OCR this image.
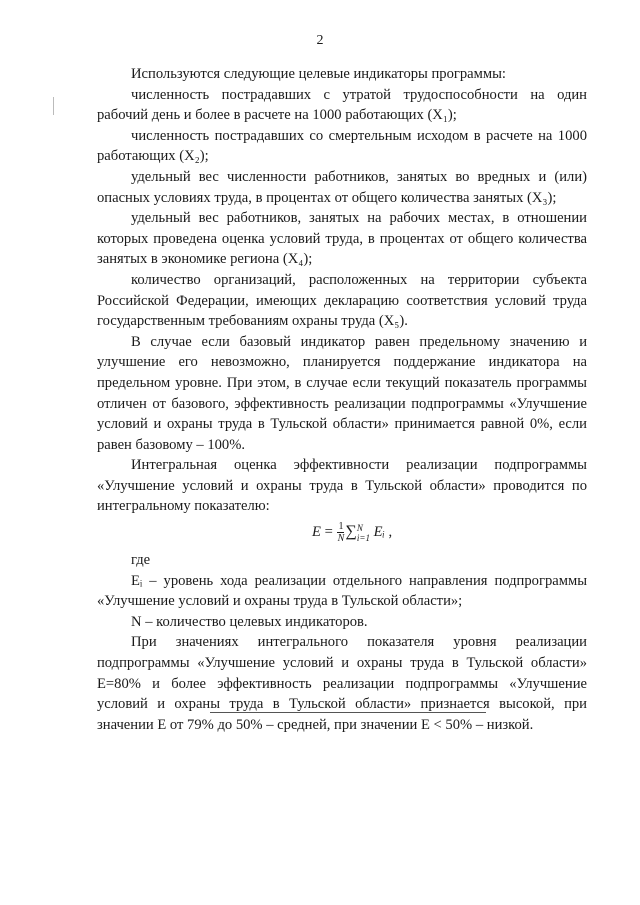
2

Используются следующие целевые индикаторы программы:

численность пострадавших с утратой трудоспособности на один рабочий день и более в расчете на 1000 работающих (X₁);

численность пострадавших со смертельным исходом в расчете на 1000 работающих (X₂);

удельный вес численности работников, занятых во вредных и (или) опасных условиях труда, в процентах от общего количества занятых (X₃);

удельный вес работников, занятых на рабочих местах, в отношении которых проведена оценка условий труда, в процентах от общего количества занятых в экономике региона (X₄);

количество организаций, расположенных на территории субъекта Российской Федерации, имеющих декларацию соответствия условий труда государственным требованиям охраны труда (X₅).

В случае если базовый индикатор равен предельному значению и улучшение его невозможно, планируется поддержание индикатора на предельном уровне. При этом, в случае если текущий показатель программы отличен от базового, эффективность реализации подпрограммы «Улучшение условий и охраны труда в Тульской области» принимается равной 0%, если равен базовому – 100%.

Интегральная оценка эффективности реализации подпрограммы «Улучшение условий и охраны труда в Тульской области» проводится по интегральному показателю:

$E = \frac{1}{N}$ ∑ N
i=1 Eᵢ ,

где

Eᵢ – уровень хода реализации отдельного направления подпрограммы «Улучшение условий и охраны труда в Тульской области»;

N – количество целевых индикаторов.

При значениях интегрального показателя уровня реализации подпрограммы «Улучшение условий и охраны труда в Тульской области» E=80% и более эффективность реализации подпрограммы «Улучшение условий и охраны труда в Тульской области» признается высокой, при значении E от 79% до 50% – средней, при значении E < 50% – низкой.
